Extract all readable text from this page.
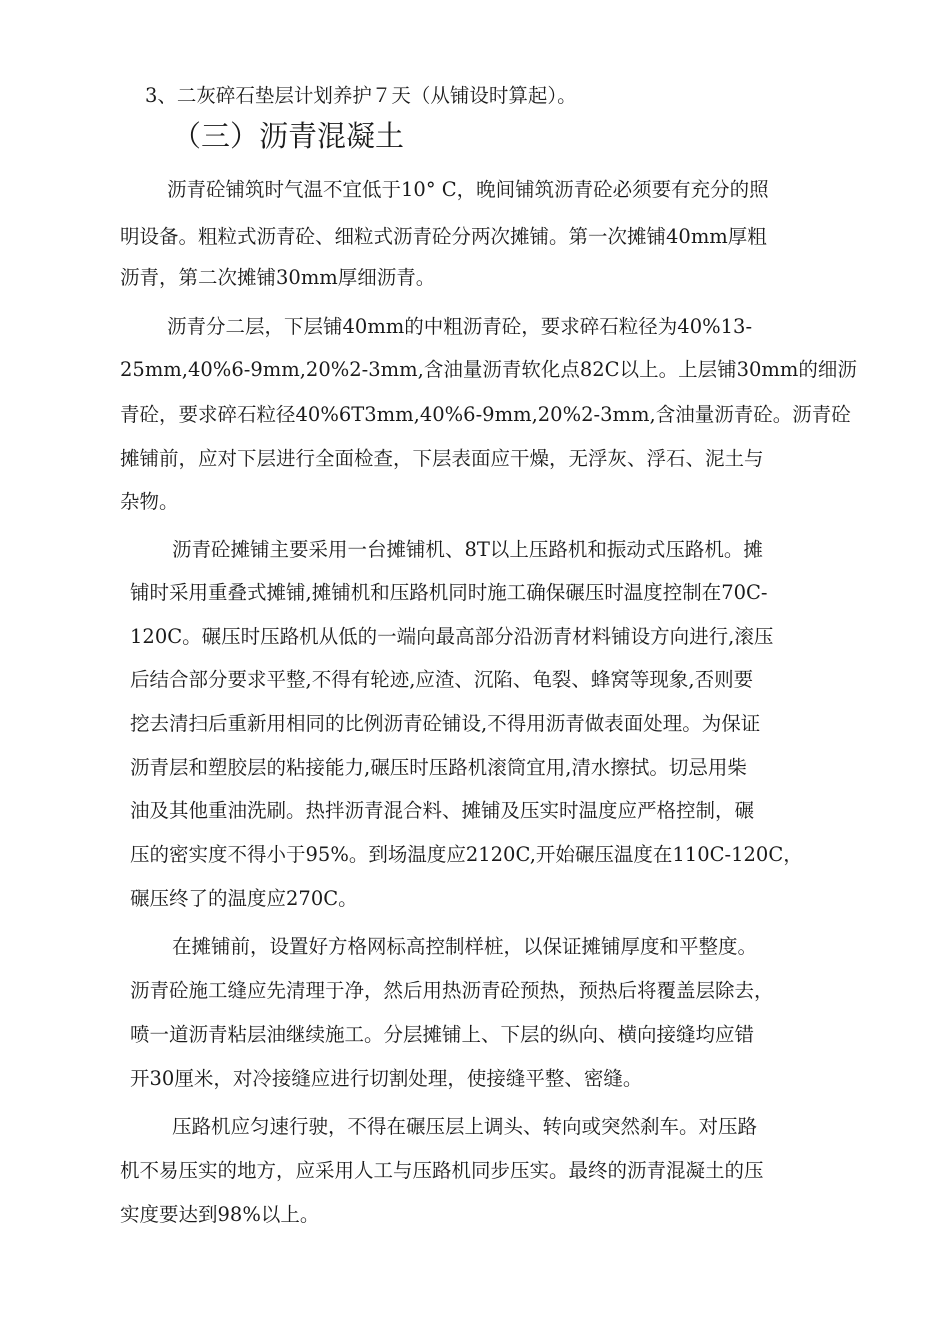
3、二灰碎石垫层计划养护７天（从铺设时算起）。
（三）沥青混凝土
沥青砼铺筑时气温不宜低于10° C，晚间铺筑沥青砼必须要有充分的照
明设备。粗粒式沥青砼、细粒式沥青砼分两次摊铺。第一次摊铺40mm厚粗
沥青，第二次摊铺30mm厚细沥青。
沥青分二层，下层铺40mm的中粗沥青砼，要求碎石粒径为40%13-
25mm,40%6-9mm,20%2-3mm,含油量沥青软化点82C以上。上层铺30mm的细沥
青砼，要求碎石粒径40%6T3mm,40%6-9mm,20%2-3mm,含油量沥青砼。沥青砼
摊铺前，应对下层进行全面检查，下层表面应干燥，无浮灰、浮石、泥土与
杂物。
沥青砼摊铺主要采用一台摊铺机、8T以上压路机和振动式压路机。摊
铺时采用重叠式摊铺,摊铺机和压路机同时施工确保碾压时温度控制在70C-
120C。碾压时压路机从低的一端向最高部分沿沥青材料铺设方向进行,滚压
后结合部分要求平整,不得有轮迹,应渣、沉陷、龟裂、蜂窝等现象,否则要
挖去清扫后重新用相同的比例沥青砼铺设,不得用沥青做表面处理。为保证
沥青层和塑胶层的粘接能力,碾压时压路机滚筒宜用,清水擦拭。切忌用柴
油及其他重油洗刷。热拌沥青混合料、摊铺及压实时温度应严格控制，碾
压的密实度不得小于95%。到场温度应2120C,开始碾压温度在110C-120C，
碾压终了的温度应270C。
在摊铺前，设置好方格网标高控制样桩，以保证摊铺厚度和平整度。
沥青砼施工缝应先清理于净，然后用热沥青砼预热，预热后将覆盖层除去，
喷一道沥青粘层油继续施工。分层摊铺上、下层的纵向、横向接缝均应错
开30厘米，对冷接缝应进行切割处理，使接缝平整、密缝。
压路机应匀速行驶，不得在碾压层上调头、转向或突然刹车。对压路
机不易压实的地方，应采用人工与压路机同步压实。最终的沥青混凝土的压
实度要达到98%以上。
